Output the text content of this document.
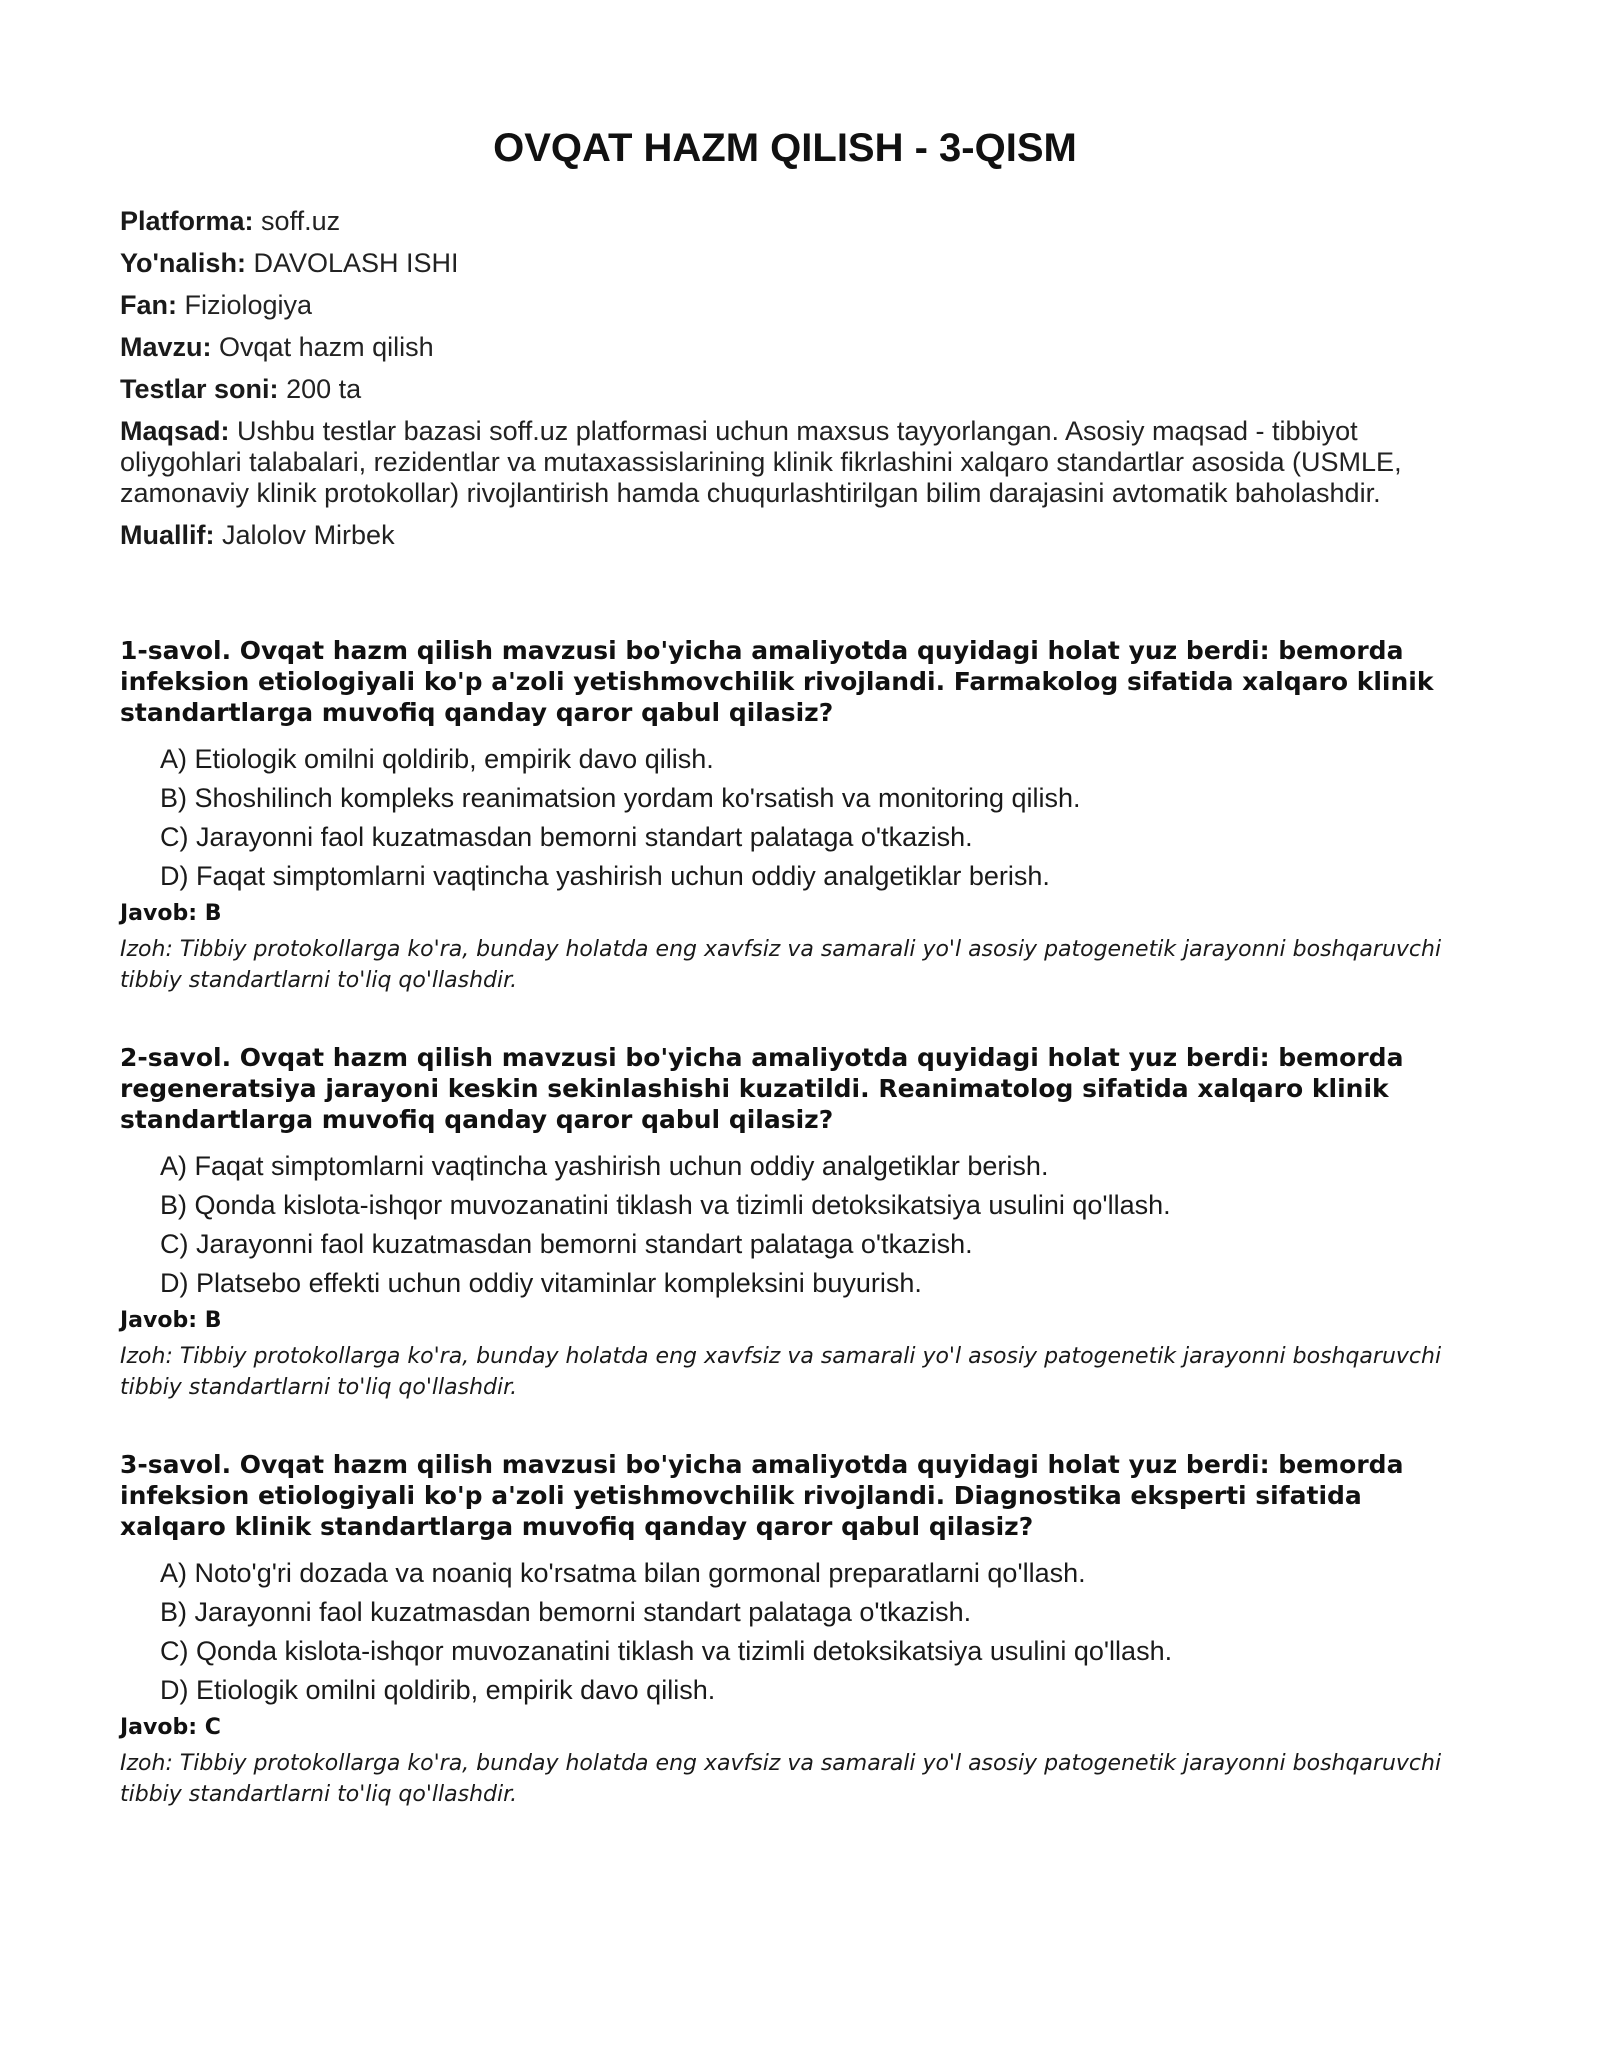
OVQAT HAZM QILISH - 3-QISM
Platforma: soff.uz
Yo'nalish: DAVOLASH ISHI
Fan: Fiziologiya
Mavzu: Ovqat hazm qilish
Testlar soni: 200 ta
Maqsad: Ushbu testlar bazasi soff.uz platformasi uchun maxsus tayyorlangan. Asosiy maqsad - tibbiyot oliygohlari talabalari, rezidentlar va mutaxassislarining klinik fikrlashini xalqaro standartlar asosida (USMLE, zamonaviy klinik protokollar) rivojlantirish hamda chuqurlashtirilgan bilim darajasini avtomatik baholashdir.
Muallif: Jalolov Mirbek
1-savol. Ovqat hazm qilish mavzusi bo'yicha amaliyotda quyidagi holat yuz berdi: bemorda infeksion etiologiyali ko'p a'zoli yetishmovchilik rivojlandi. Farmakolog sifatida xalqaro klinik standartlarga muvofiq qanday qaror qabul qilasiz?
A) Etiologik omilni qoldirib, empirik davo qilish.
B) Shoshilinch kompleks reanimatsion yordam ko'rsatish va monitoring qilish.
C) Jarayonni faol kuzatmasdan bemorni standart palataga o'tkazish.
D) Faqat simptomlarni vaqtincha yashirish uchun oddiy analgetiklar berish.
Javob: B
Izoh: Tibbiy protokollarga ko'ra, bunday holatda eng xavfsiz va samarali yo'l asosiy patogenetik jarayonni boshqaruvchi tibbiy standartlarni to'liq qo'llashdir.
2-savol. Ovqat hazm qilish mavzusi bo'yicha amaliyotda quyidagi holat yuz berdi: bemorda regeneratsiya jarayoni keskin sekinlashishi kuzatildi. Reanimatolog sifatida xalqaro klinik standartlarga muvofiq qanday qaror qabul qilasiz?
A) Faqat simptomlarni vaqtincha yashirish uchun oddiy analgetiklar berish.
B) Qonda kislota-ishqor muvozanatini tiklash va tizimli detoksikatsiya usulini qo'llash.
C) Jarayonni faol kuzatmasdan bemorni standart palataga o'tkazish.
D) Platsebo effekti uchun oddiy vitaminlar kompleksini buyurish.
Javob: B
Izoh: Tibbiy protokollarga ko'ra, bunday holatda eng xavfsiz va samarali yo'l asosiy patogenetik jarayonni boshqaruvchi tibbiy standartlarni to'liq qo'llashdir.
3-savol. Ovqat hazm qilish mavzusi bo'yicha amaliyotda quyidagi holat yuz berdi: bemorda infeksion etiologiyali ko'p a'zoli yetishmovchilik rivojlandi. Diagnostika eksperti sifatida xalqaro klinik standartlarga muvofiq qanday qaror qabul qilasiz?
A) Noto'g'ri dozada va noaniq ko'rsatma bilan gormonal preparatlarni qo'llash.
B) Jarayonni faol kuzatmasdan bemorni standart palataga o'tkazish.
C) Qonda kislota-ishqor muvozanatini tiklash va tizimli detoksikatsiya usulini qo'llash.
D) Etiologik omilni qoldirib, empirik davo qilish.
Javob: C
Izoh: Tibbiy protokollarga ko'ra, bunday holatda eng xavfsiz va samarali yo'l asosiy patogenetik jarayonni boshqaruvchi tibbiy standartlarni to'liq qo'llashdir.
